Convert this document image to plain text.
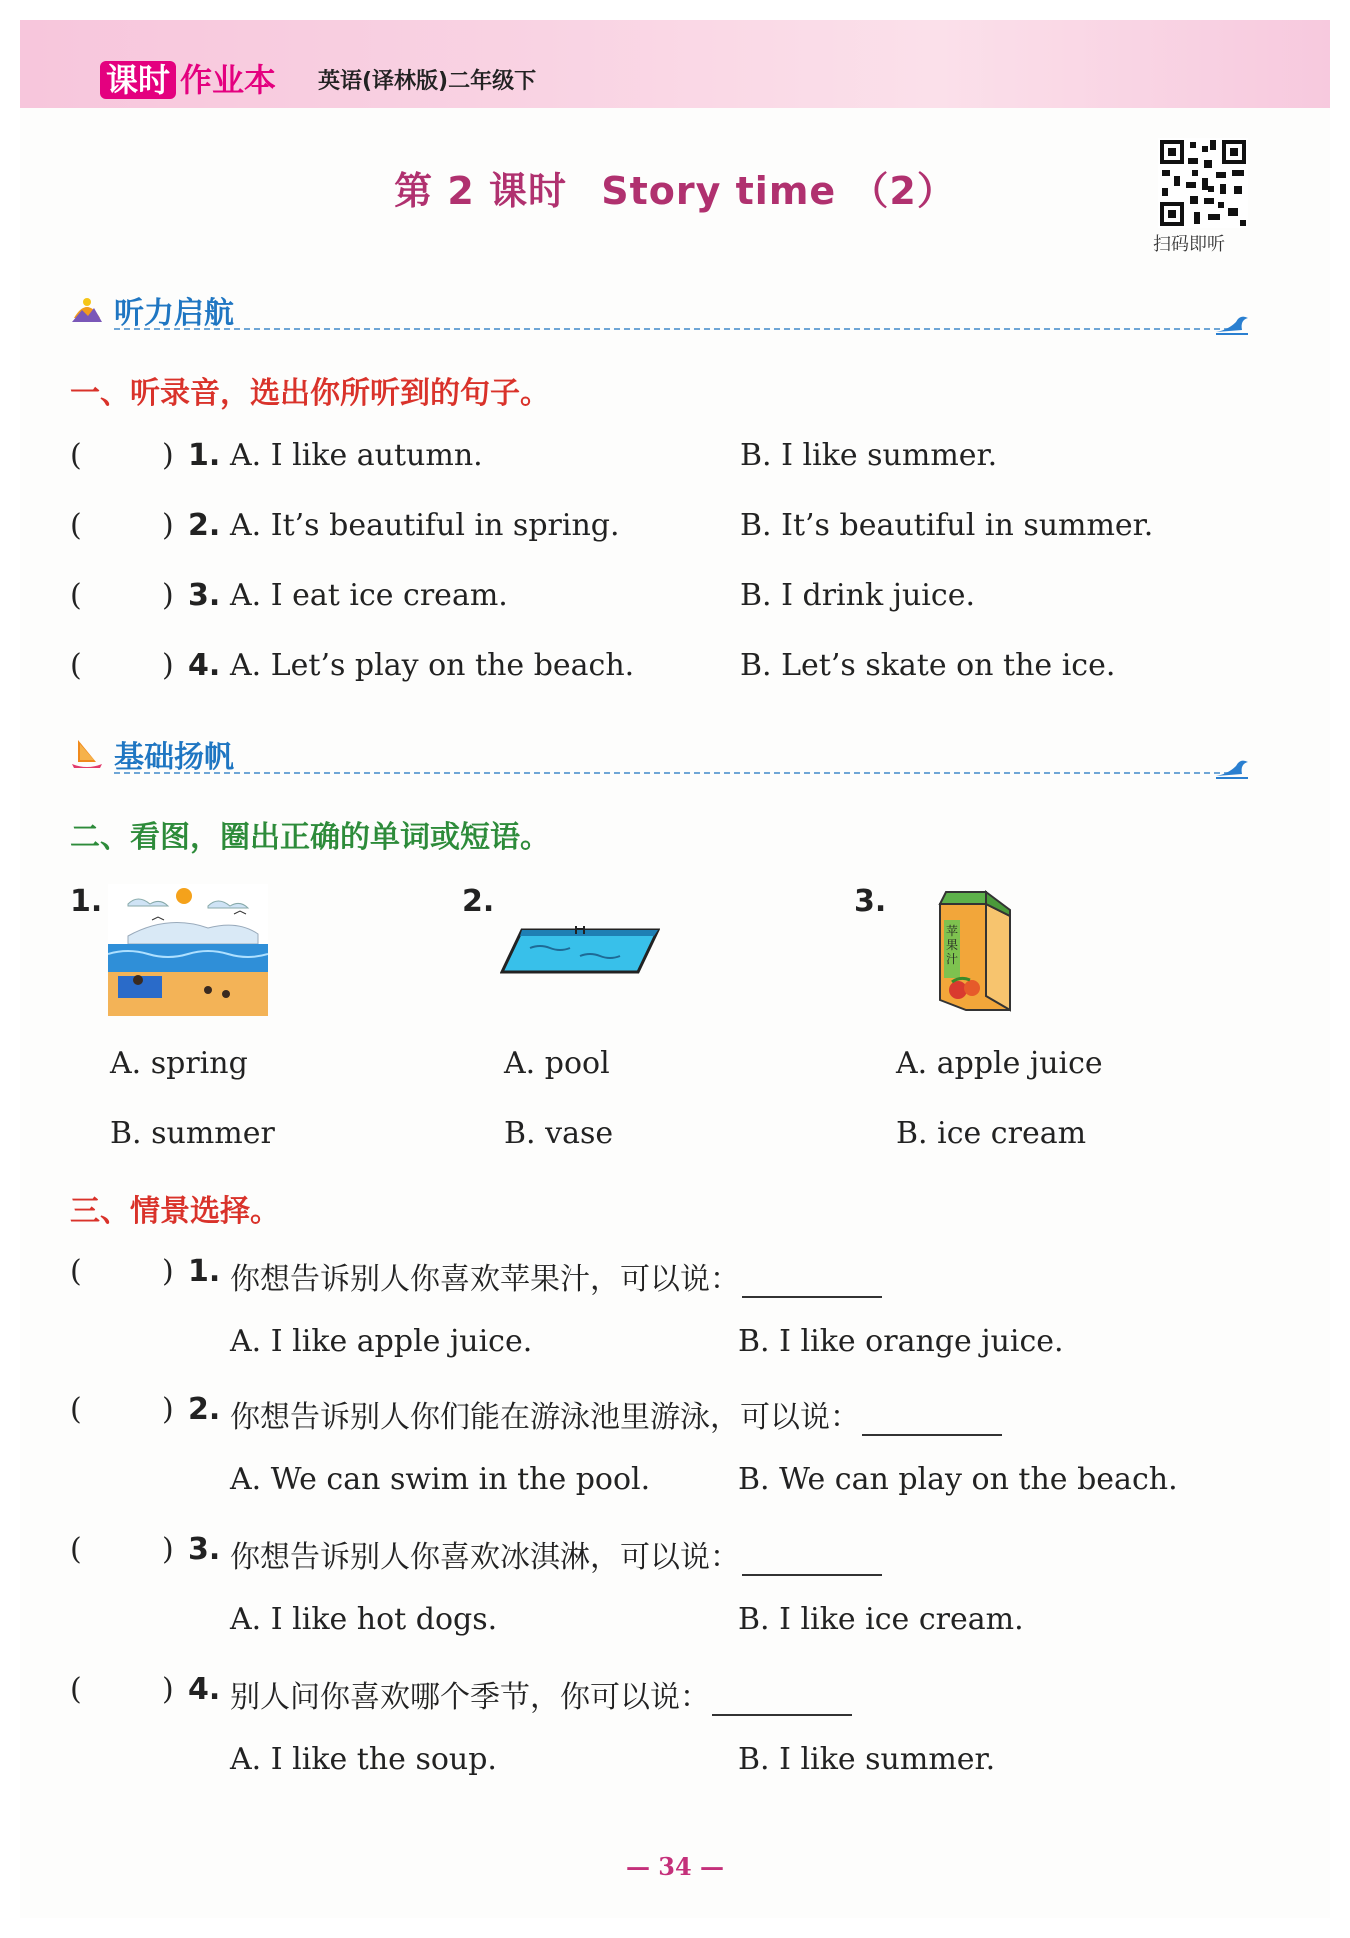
课时 作业本 英语(译林版)二年级下
第 2 课时 Story time （2）
扫码即听
听力启航
一、听录音，选出你所听到的句子。
(	) 1. A. I like autumn.	B. I like summer.
(	) 2. A. It’s beautiful in spring.	B. It’s beautiful in summer.
(	) 3. A. I eat ice cream.	B. I drink juice.
(	) 4. A. Let’s play on the beach.	B. Let’s skate on the ice.
基础扬帆
二、看图，圈出正确的单词或短语。
1.
A. spring
B. summer
2.
A. pool
B. vase
3.
苹果汁
A. apple juice
B. ice cream
三、情景选择。
(	) 1. 你想告诉别人你喜欢苹果汁，可以说：
A. I like apple juice.	B. I like orange juice.
(	) 2. 你想告诉别人你们能在游泳池里游泳，可以说：
A. We can swim in the pool.	B. We can play on the beach.
(	) 3. 你想告诉别人你喜欢冰淇淋，可以说：
A. I like hot dogs.	B. I like ice cream.
(	) 4. 别人问你喜欢哪个季节，你可以说：
A. I like the soup.	B. I like summer.
— 34 —
